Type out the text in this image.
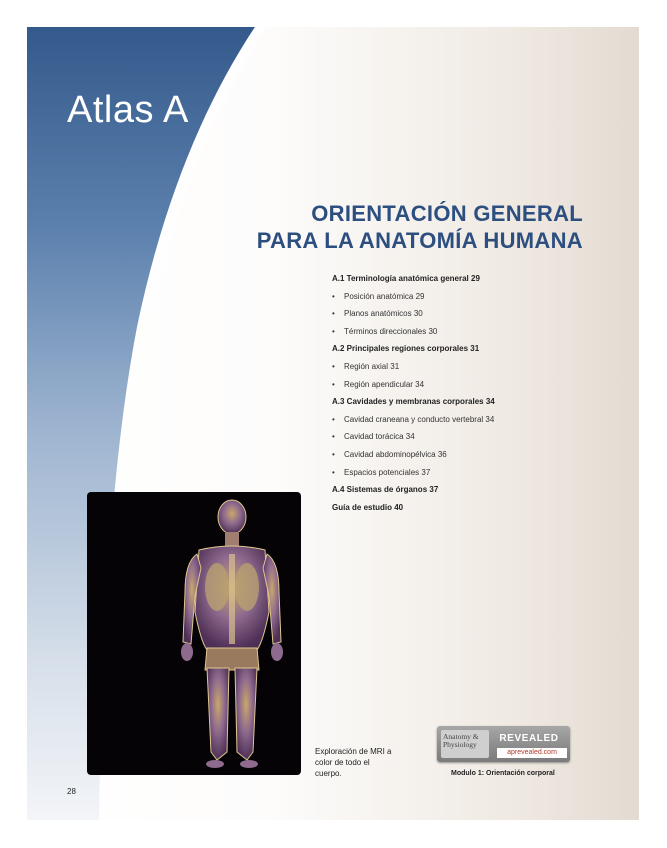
Atlas A
ORIENTACIÓN GENERAL
PARA LA ANATOMÍA HUMANA
A.1 Terminología anatómica general 29
• Posición anatómica 29
• Planos anatómicos 30
• Términos direccionales 30
A.2 Principales regiones corporales 31
• Región axial 31
• Región apendicular 34
A.3 Cavidades y membranas corporales 34
• Cavidad craneana y conducto vertebral 34
• Cavidad torácica 34
• Cavidad abdominopélvica 36
• Espacios potenciales 37
A.4 Sistemas de órganos 37
Guía de estudio 40
Exploración de MRI a color de todo el cuerpo.
28
Anatomy &
Physiology
REVEALED
aprevealed.com
Modulo 1: Orientación corporal
